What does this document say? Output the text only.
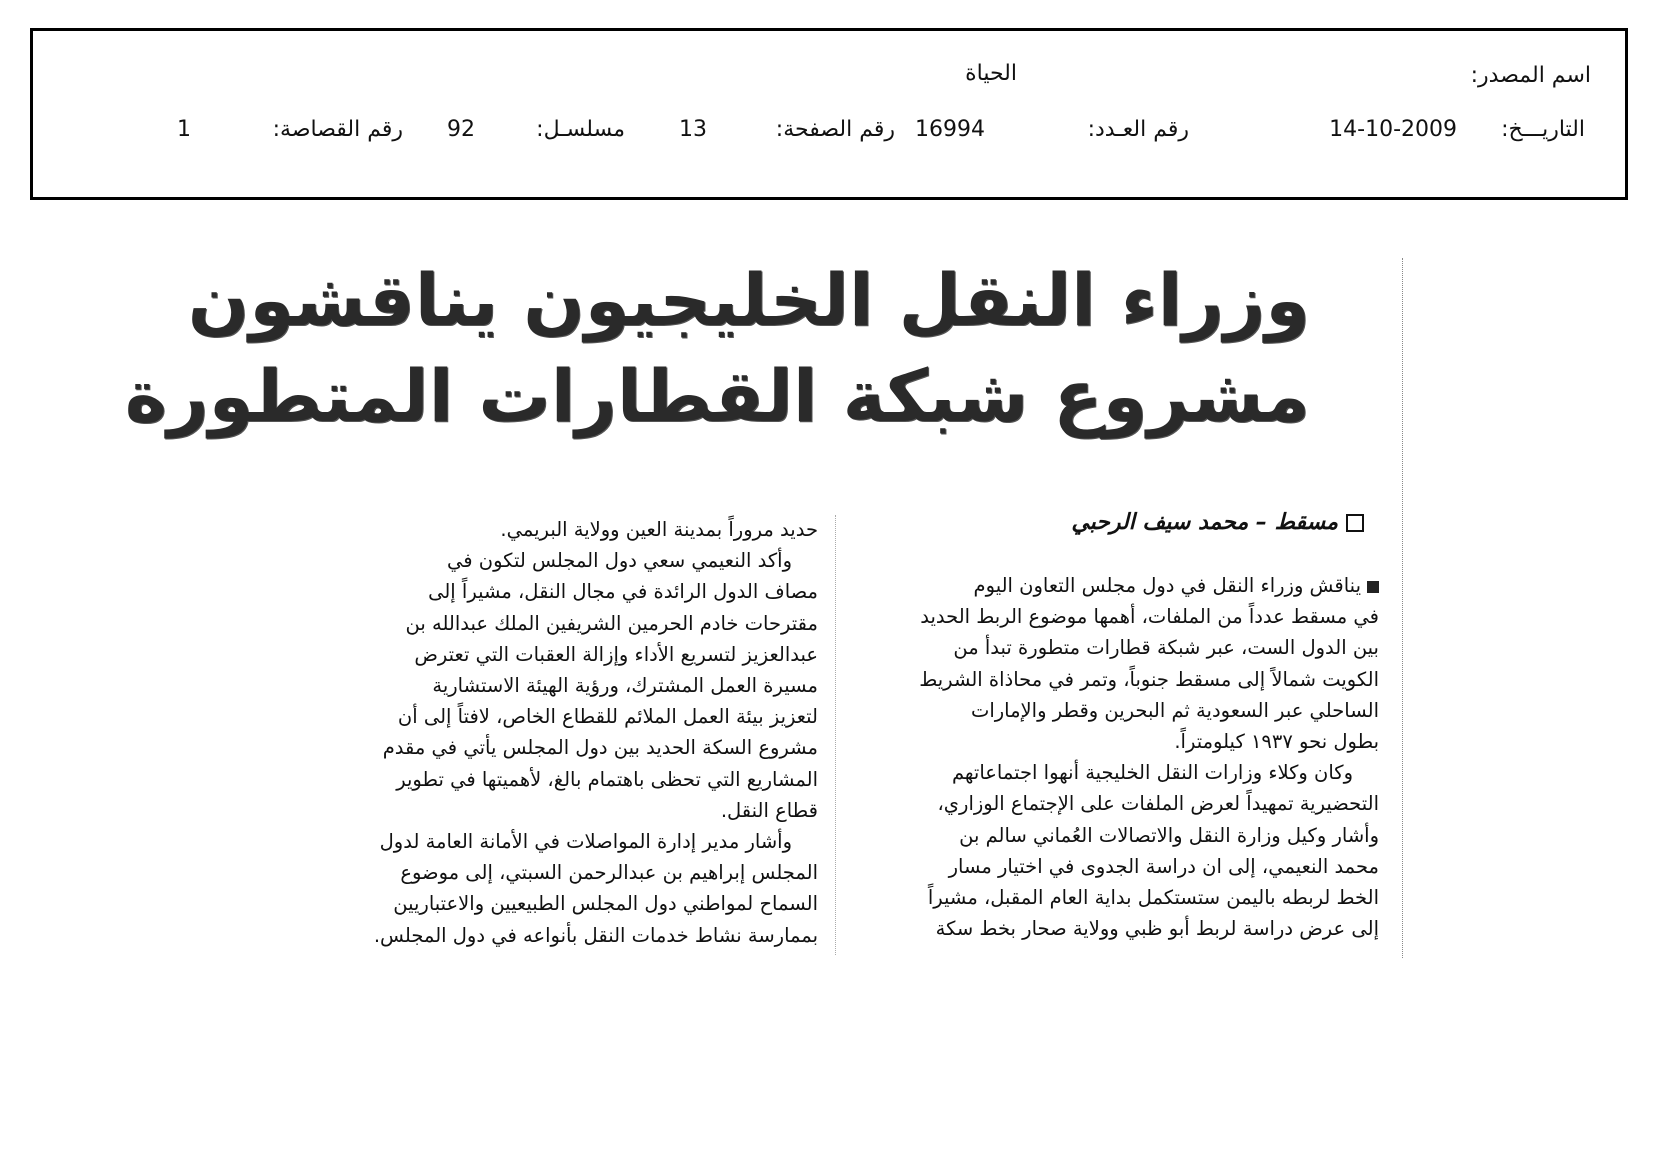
اسم المصدر:
الحياة
التاريـــخ:
14-10-2009
رقم العـدد:
16994
رقم الصفحة:
13
مسلسـل:
92
رقم القصاصة:
1
وزراء النقل الخليجيون يناقشون
مشروع شبكة القطارات المتطورة
مسقط – محمد سيف الرحبي

يناقش وزراء النقل في دول مجلس التعاون اليوم

في مسقط عدداً من الملفات، أهمها موضوع الربط الحديد

بين الدول الست، عبر شبكة قطارات متطورة تبدأ من

الكويت شمالاً إلى مسقط جنوباً، وتمر في محاذاة الشريط

الساحلي عبر السعودية ثم البحرين وقطر والإمارات

بطول نحو ١٩٣٧ كيلومتراً.

وكان وكلاء وزارات النقل الخليجية أنهوا اجتماعاتهم

التحضيرية تمهيداً لعرض الملفات على الإجتماع الوزاري،

وأشار وكيل وزارة النقل والاتصالات العُماني سالم بن

محمد النعيمي، إلى ان دراسة الجدوى في اختيار مسار

الخط لربطه باليمن ستستكمل بداية العام المقبل، مشيراً

إلى عرض دراسة لربط أبو ظبي وولاية صحار بخط سكة

حديد مروراً بمدينة العين وولاية البريمي.

وأكد النعيمي سعي دول المجلس لتكون في

مصاف الدول الرائدة في مجال النقل، مشيراً إلى

مقترحات خادم الحرمين الشريفين الملك عبدالله بن

عبدالعزيز لتسريع الأداء وإزالة العقبات التي تعترض

مسيرة العمل المشترك، ورؤية الهيئة الاستشارية

لتعزيز بيئة العمل الملائم للقطاع الخاص، لافتاً إلى أن

مشروع السكة الحديد بين دول المجلس يأتي في مقدم

المشاريع التي تحظى باهتمام بالغ، لأهميتها في تطوير

قطاع النقل.

وأشار مدير إدارة المواصلات في الأمانة العامة لدول

المجلس إبراهيم بن عبدالرحمن السبتي، إلى موضوع

السماح لمواطني دول المجلس الطبيعيين والاعتباريين

بممارسة نشاط خدمات النقل بأنواعه في دول المجلس.
